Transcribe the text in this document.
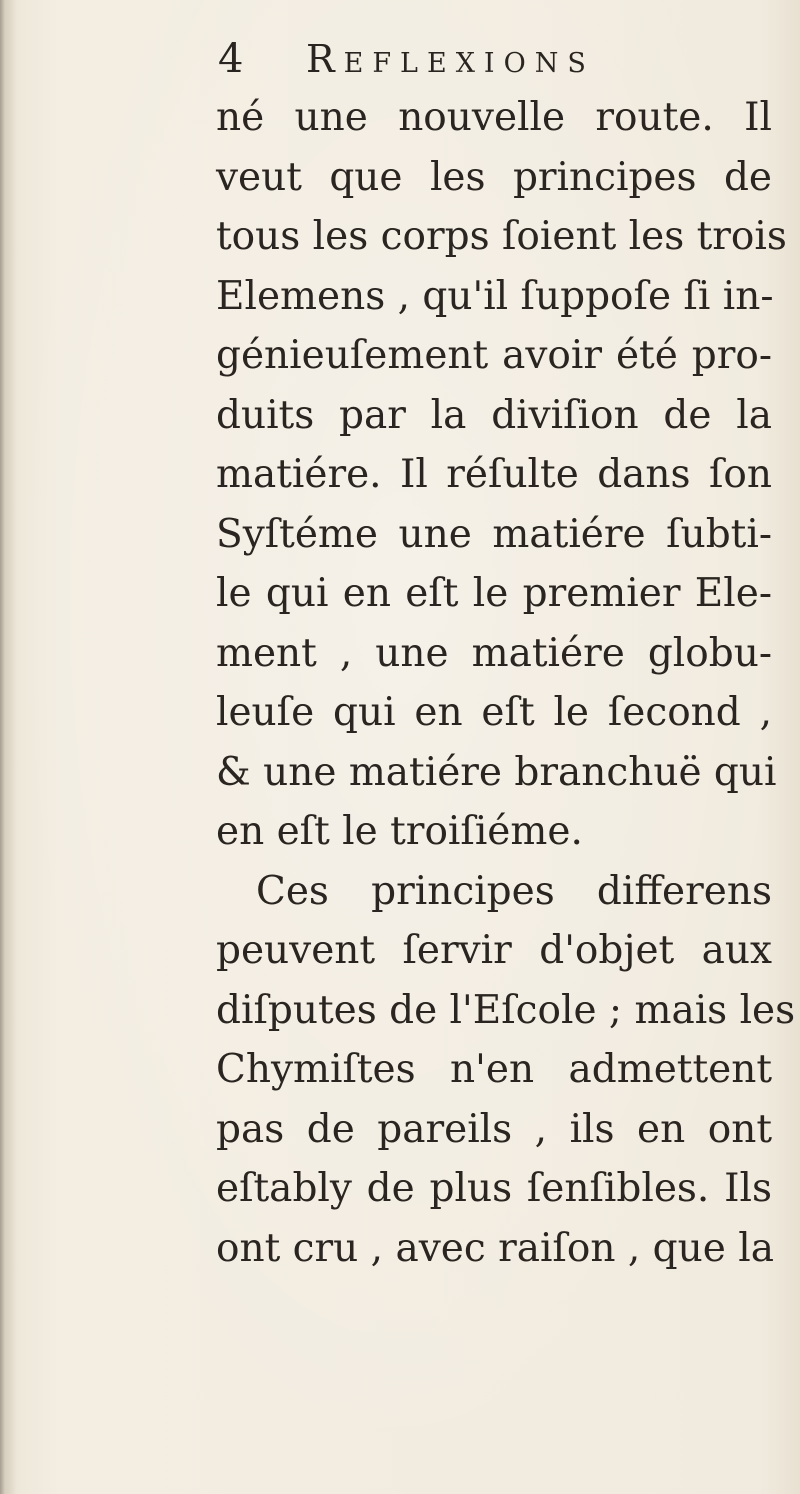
4 Reflexions
né une nouvelle route. Il
veut que les principes de
tous les corps ſoient les trois
Elemens , qu'il ſuppoſe ſi in-
génieuſement avoir été pro-
duits par la diviſion de la
matiére. Il réſulte dans ſon
Syſtéme une matiére ſubti-
le qui en eſt le premier Ele-
ment , une matiére globu-
leuſe qui en eſt le ſecond ,
& une matiére branchuë qui
en eſt le troiſiéme.
Ces principes differens
peuvent ſervir d'objet aux
diſputes de l'Eſcole ; mais les
Chymiſtes n'en admettent
pas de pareils , ils en ont
eſtably de plus ſenſibles. Ils
ont cru , avec raiſon , que la
